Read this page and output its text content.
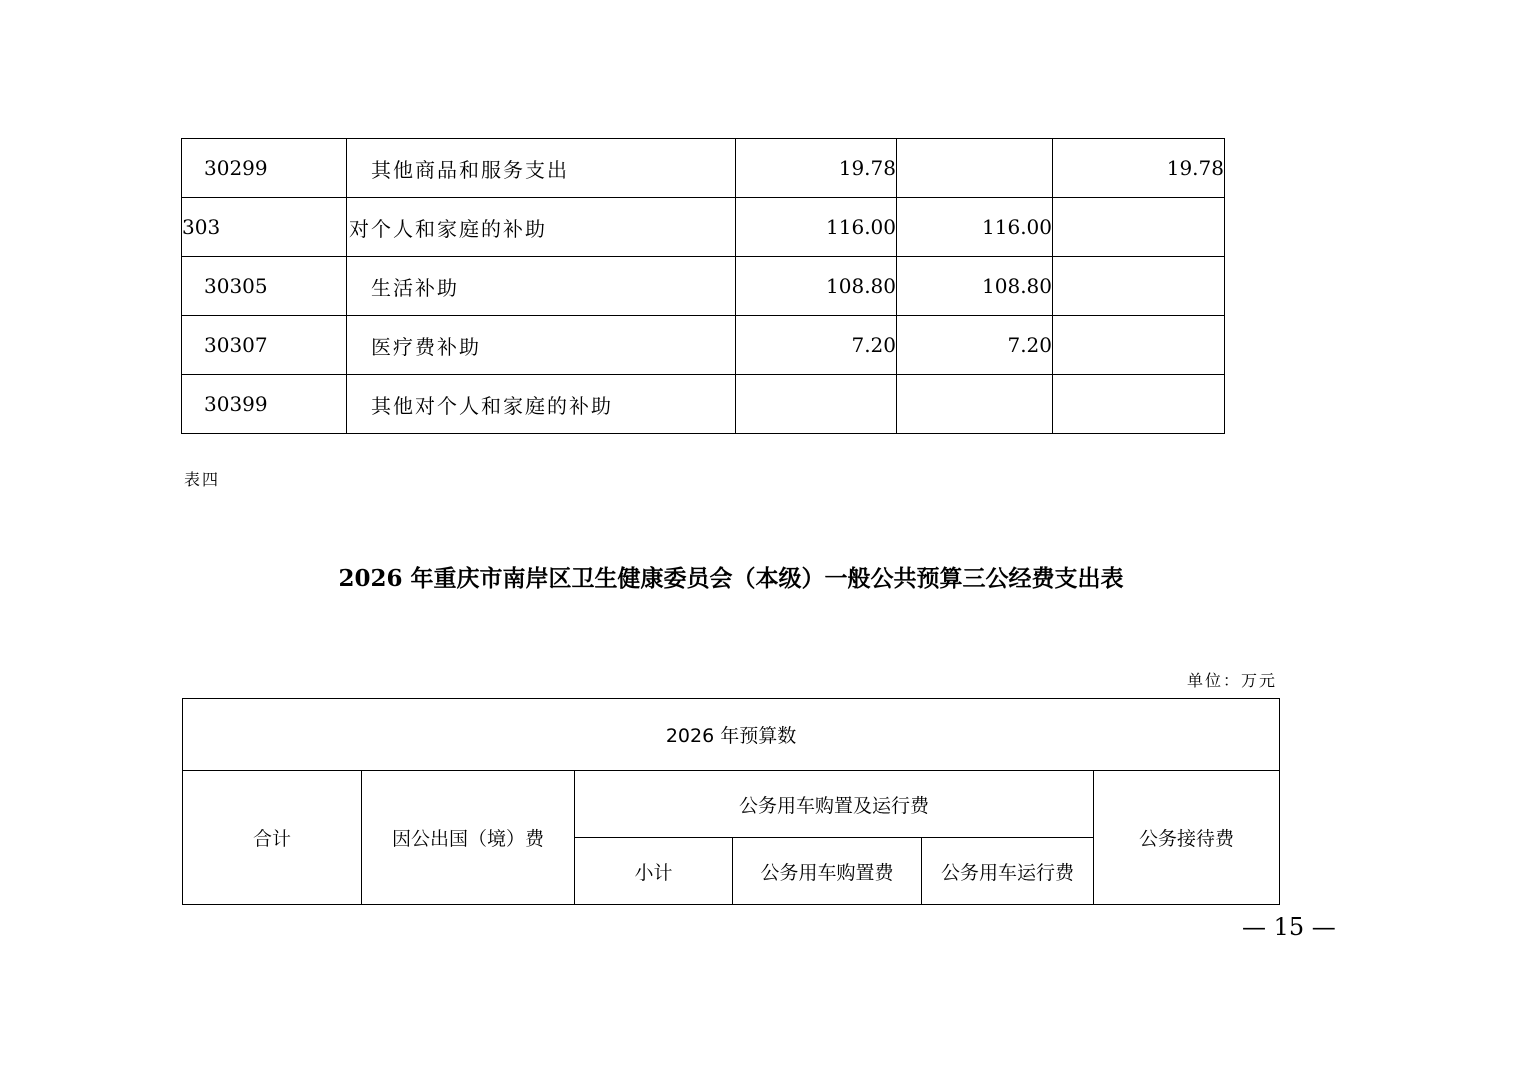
30299	其他商品和服务支出	19.78		19.78
303	对个人和家庭的补助	116.00	116.00	
30305	生活补助	108.80	108.80	
30307	医疗费补助	7.20	7.20	
30399	其他对个人和家庭的补助			
表四
2026 年重庆市南岸区卫生健康委员会（本级）一般公共预算三公经费支出表
单位：万元
2026 年预算数					
合计	因公出国（境）费	公务用车购置及运行费			公务接待费
		小计	公务用车购置费	公务用车运行费	
— 15 —
